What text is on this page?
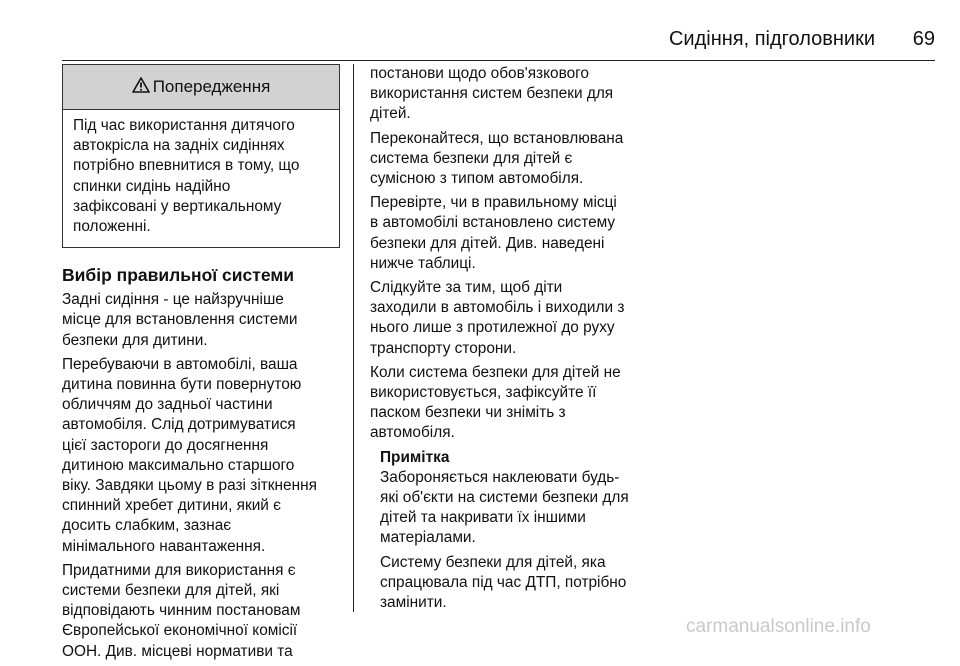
Сидіння, підголовники	69
Попередження
Під час використання дитячого
автокрісла на задніх сидіннях
потрібно впевнитися в тому, що
спинки сидінь надійно
зафіксовані у вертикальному
положенні.
Вибір правильної системи

Задні сидіння - це найзручніше
місце для встановлення системи
безпеки для дитини.

Перебуваючи в автомобілі, ваша
дитина повинна бути повернутою
обличчям до задньої частини
автомобіля. Слід дотримуватися
цієї застороги до досягнення
дитиною максимально старшого
віку. Завдяки цьому в разі зіткнення
спинний хребет дитини, який є
досить слабким, зазнає
мінімального навантаження.

Придатними для використання є
системи безпеки для дітей, які
відповідають чинним постановам
Європейської економічної комісії
ООН. Див. місцеві нормативи та

постанови щодо обов'язкового
використання систем безпеки для
дітей.

Переконайтеся, що встановлювана
система безпеки для дітей є
сумісною з типом автомобіля.

Перевірте, чи в правильному місці
в автомобілі встановлено систему
безпеки для дітей. Див. наведені
нижче таблиці.

Слідкуйте за тим, щоб діти
заходили в автомобіль і виходили з
нього лише з протилежної до руху
транспорту сторони.

Коли система безпеки для дітей не
використовується, зафіксуйте її
паском безпеки чи зніміть з
автомобіля.

Примітка

Забороняється наклеювати будь-
які об'єкти на системи безпеки для
дітей та накривати їх іншими
матеріалами.

Систему безпеки для дітей, яка
спрацювала під час ДТП, потрібно
замінити.

carmanualsonline.info
